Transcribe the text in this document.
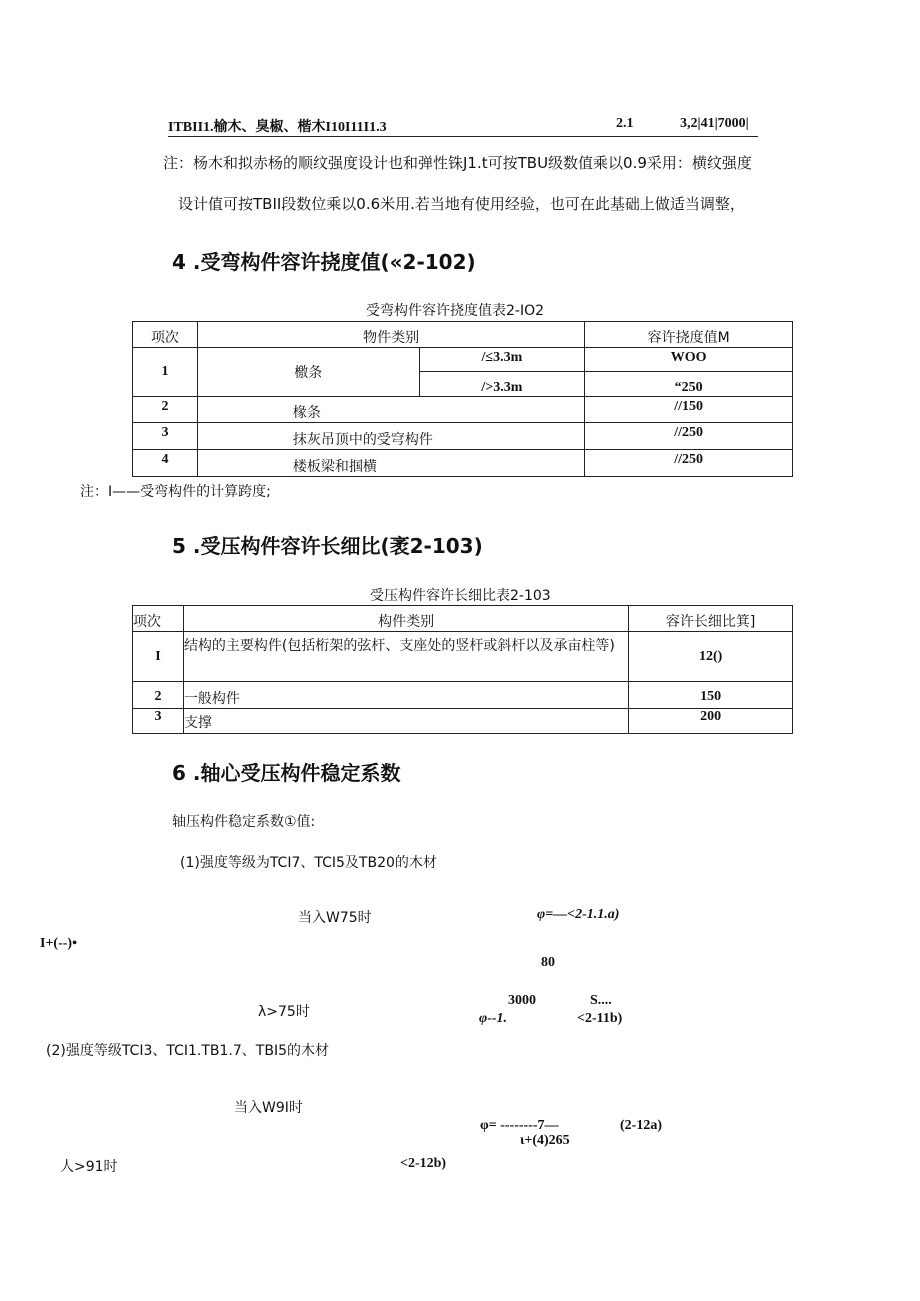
ITBII1.榆木、臭椒、楷木I10I11I1.3	2.1	3,2|41|7000|
注：杨木和拟赤杨的顺纹强度设计也和弹性铢J1.t可按TBU级数值乘以0.9采用：横纹强度
设计值可按TBII段数位乘以0.6米用.若当地有使用经验，也可在此基础上做适当调整，
4 .受弯构件容许挠度值(«2-102)
受弯构件容许挠度值表2-IO2
项次	物件类别		容许挠度值M
1	檄条	/≤3.3m	WOO
		/>3.3m	“250
2	椽条		//150
3	抹灰吊顶中的受穹构件		//250
4	楼板梁和掴横		//250
注：I——受弯构件的计算跨度;
5 .受压构件容许长细比(袤2-103)
受压构件容许长细比表2-103
项次	构件类别	容许长细比箕]
I	结构的主要构件(包括桁架的弦杆、支座处的竖杆或斜杆以及承亩柱等)	12()
2	一般构件	150
3	支撑	200
6 .轴心受压构件稳定系数
轴压构件稳定系数①值:
(1)强度等级为TCI7、TCI5及TB20的木材
当入W75时	φ=—<2-1.1.a)
I+(--)•
80
λ>75时
3000	S....
φ--1.	<2-11b)
(2)强度等级TCI3、TCI1.TB1.7、TBI5的木材
当入W9I时
φ= --------7—	(2-12a)
ι+(4)265
人>91时	<2-12b)
